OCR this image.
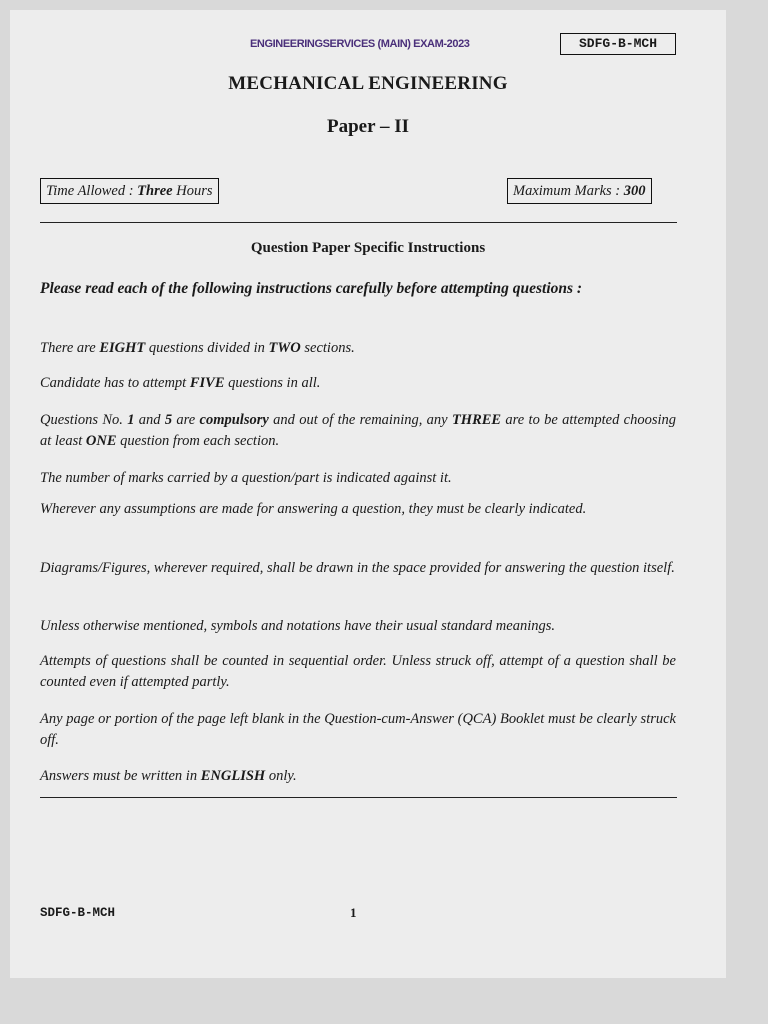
ENGINEERINGSERVICES (MAIN) EXAM-2023	SDFG-B-MCH
MECHANICAL ENGINEERING
Paper – II
Time Allowed : Three Hours	Maximum Marks : 300
Question Paper Specific Instructions
Please read each of the following instructions carefully before attempting questions :
There are EIGHT questions divided in TWO sections.
Candidate has to attempt FIVE questions in all.
Questions No. 1 and 5 are compulsory and out of the remaining, any THREE are to be attempted choosing at least ONE question from each section.
The number of marks carried by a question/part is indicated against it.
Wherever any assumptions are made for answering a question, they must be clearly indicated.
Diagrams/Figures, wherever required, shall be drawn in the space provided for answering the question itself.
Unless otherwise mentioned, symbols and notations have their usual standard meanings.
Attempts of questions shall be counted in sequential order. Unless struck off, attempt of a question shall be counted even if attempted partly.
Any page or portion of the page left blank in the Question-cum-Answer (QCA) Booklet must be clearly struck off.
Answers must be written in ENGLISH only.
SDFG-B-MCH	1
